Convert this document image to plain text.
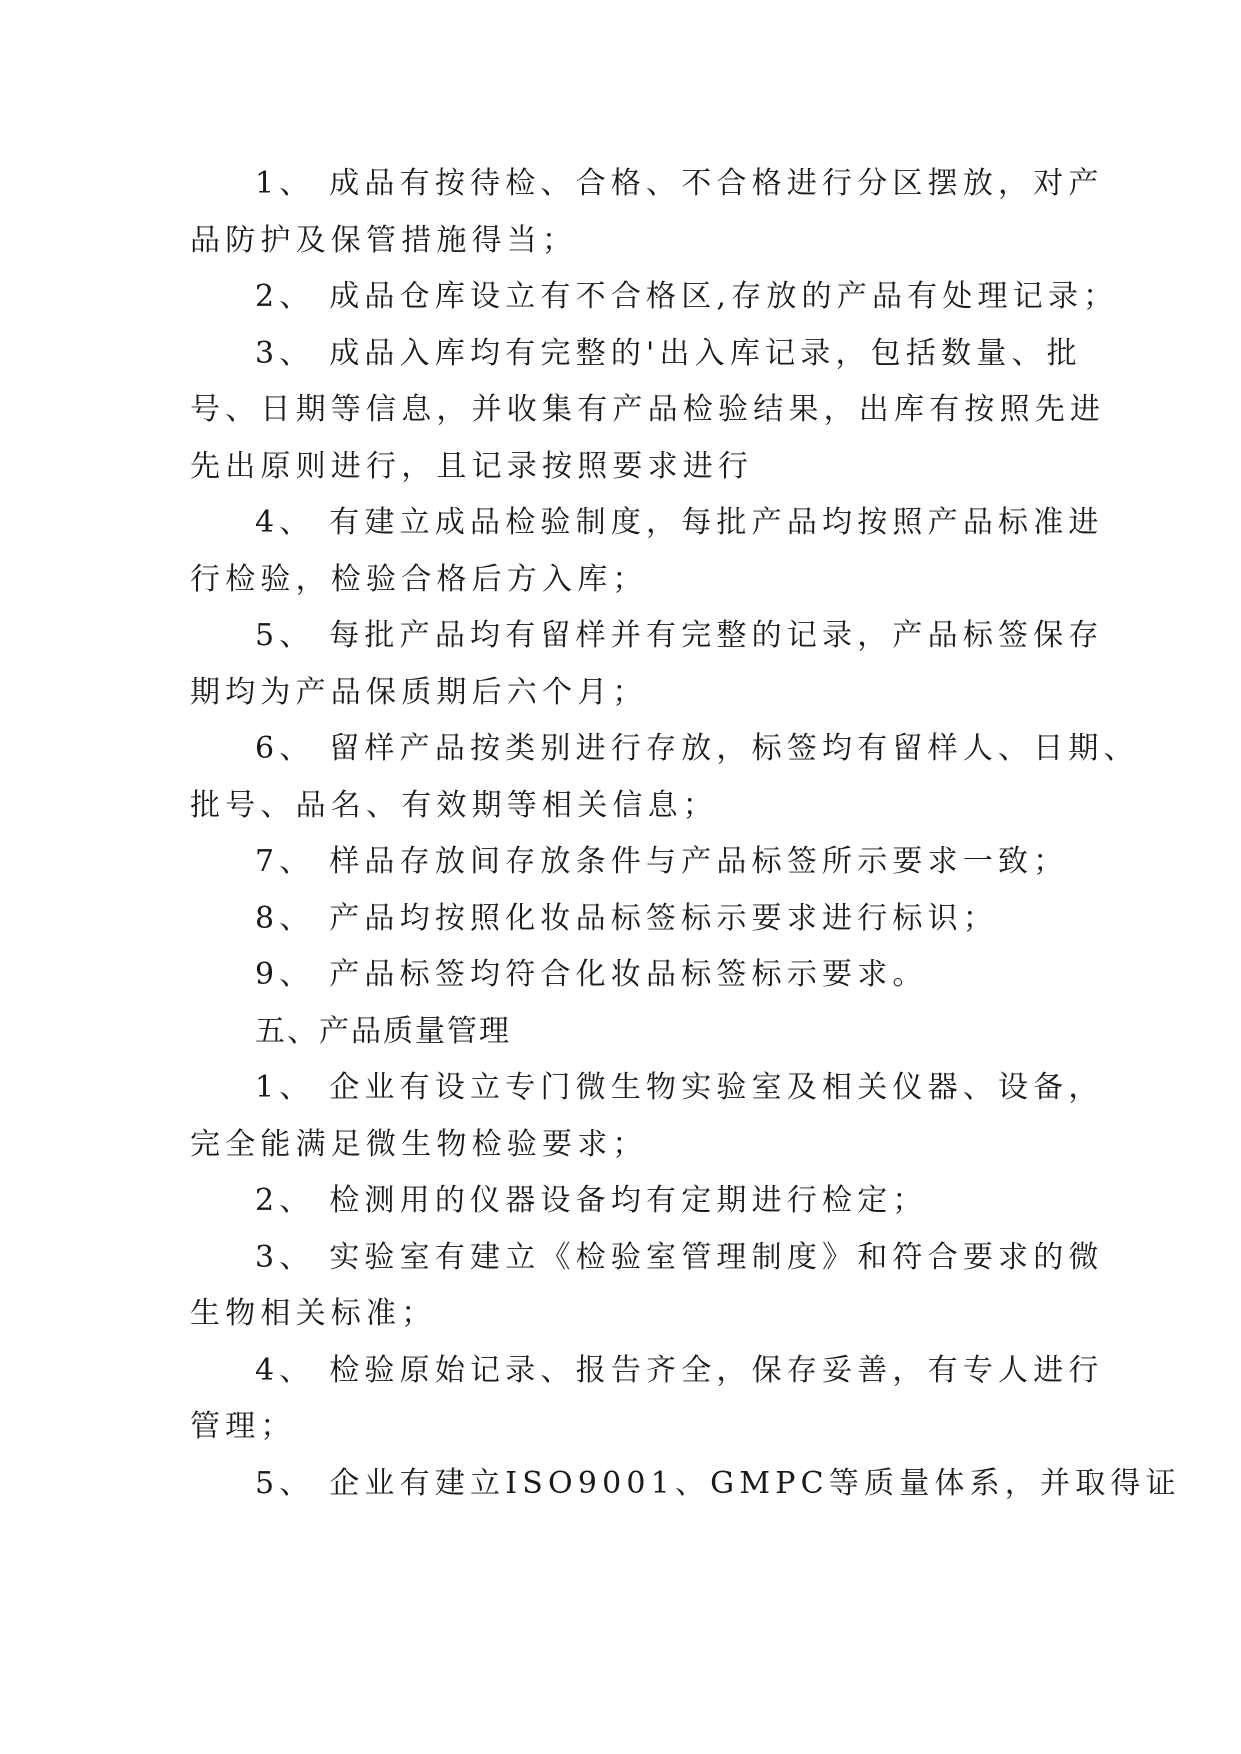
1、 成品有按待检、合格、不合格进行分区摆放，对产
品防护及保管措施得当；
2、 成品仓库设立有不合格区,存放的产品有处理记录；
3、 成品入库均有完整的'出入库记录，包括数量、批
号、日期等信息，并收集有产品检验结果，出库有按照先进
先出原则进行，且记录按照要求进行
4、 有建立成品检验制度，每批产品均按照产品标准进
行检验，检验合格后方入库；
5、 每批产品均有留样并有完整的记录，产品标签保存
期均为产品保质期后六个月；
6、 留样产品按类别进行存放，标签均有留样人、日期、
批号、品名、有效期等相关信息；
7、 样品存放间存放条件与产品标签所示要求一致；
8、 产品均按照化妆品标签标示要求进行标识；
9、 产品标签均符合化妆品标签标示要求。
五、产品质量管理
1、 企业有设立专门微生物实验室及相关仪器、设备，
完全能满足微生物检验要求；
2、 检测用的仪器设备均有定期进行检定；
3、 实验室有建立《检验室管理制度》和符合要求的微
生物相关标准；
4、 检验原始记录、报告齐全，保存妥善，有专人进行
管理；
5、 企业有建立ISO9001、GMPC等质量体系，并取得证
